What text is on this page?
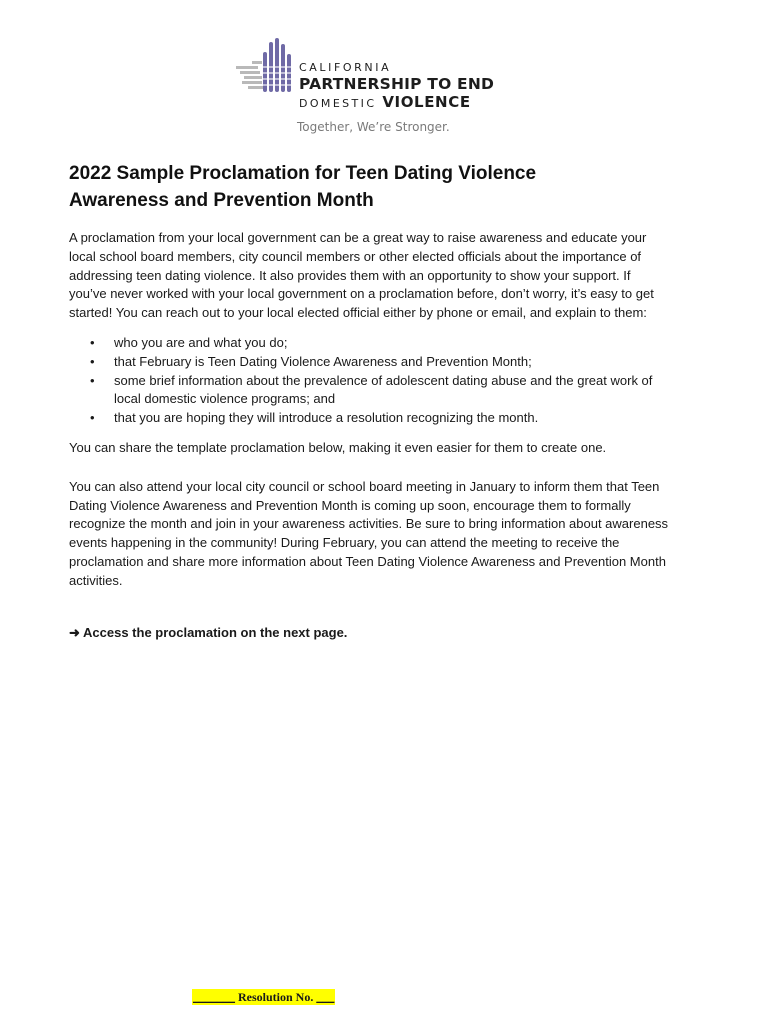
CALIFORNIA
PARTNERSHIP TO END
DOMESTIC VIOLENCE
Together, We’re Stronger.
2022 Sample Proclamation for Teen Dating Violence
Awareness and Prevention Month

A proclamation from your local government can be a great way to raise awareness and educate your local school board members, city council members or other elected officials about the importance of addressing teen dating violence. It also provides them with an opportunity to show your support. If you’ve never worked with your local government on a proclamation before, don’t worry, it’s easy to get started! You can reach out to your local elected official either by phone or email, and explain to them:

• who you are and what you do;
• that February is Teen Dating Violence Awareness and Prevention Month;
• some brief information about the prevalence of adolescent dating abuse and the great work of local domestic violence programs; and
• that you are hoping they will introduce a resolution recognizing the month.

You can share the template proclamation below, making it even easier for them to create one.

You can also attend your local city council or school board meeting in January to inform them that Teen Dating Violence Awareness and Prevention Month is coming up soon, encourage them to formally recognize the month and join in your awareness activities. Be sure to bring information about awareness events happening in the community! During February, you can attend the meeting to receive the proclamation and share more information about Teen Dating Violence Awareness and Prevention Month activities.

➜ Access the proclamation on the next page.

_______ Resolution No. ___
